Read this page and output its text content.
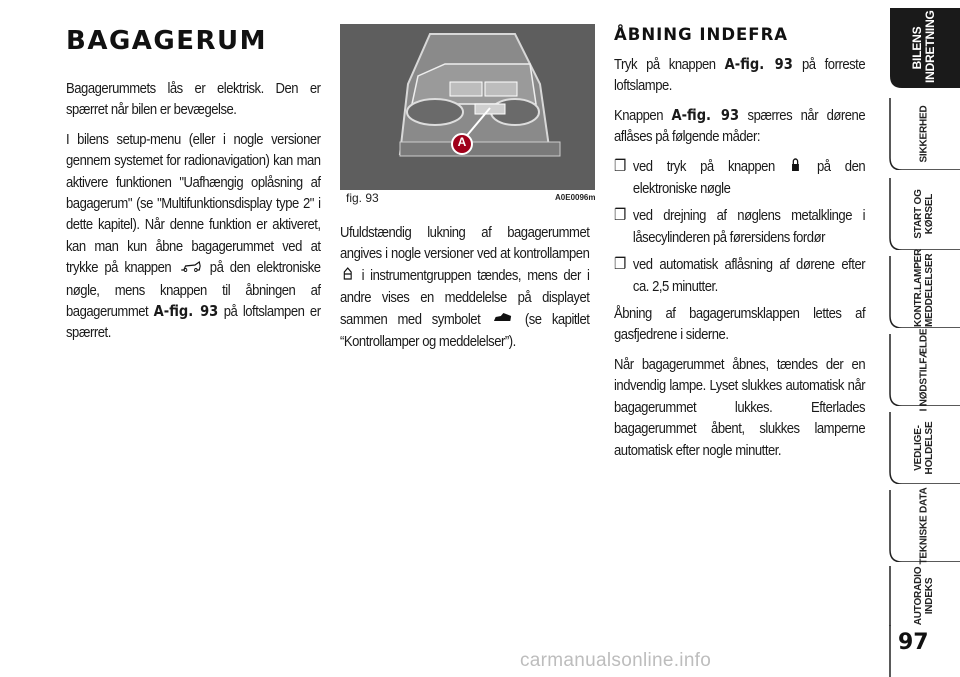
BAGAGERUM

Bagagerummets lås er elektrisk. Den er spærret når bilen er bevægelse.

I bilens setup-menu (eller i nogle versioner gennem systemet for radionavigation) kan man aktivere funktionen "Uafhængig oplåsning af bagagerum" (se "Multifunktionsdisplay type 2" i dette kapitel). Når denne funktion er aktiveret, kan man kun åbne bagagerummet ved at trykke på knappen	på den elektroniske nøgle, mens knappen til åbningen af bagagerummet A-fig. 93 på loftslampen er spærret.

A
fig. 93	A0E0096m

Ufuldstændig lukning af bagagerummet angives i nogle versioner ved at kontrollampen  i instrumentgruppen tændes, mens der i andre vises en meddelelse på displayet sammen med symbolet	(se kapitlet “Kontrollamper og meddelelser”).

ÅBNING INDEFRA

Tryk på knappen A-fig. 93 på forreste loftslampe.

Knappen A-fig. 93 spærres når dørene aflåses på følgende måder:

❐ ved tryk på knappen	på den elektroniske nøgle
❐ ved drejning af nøglens metalklinge i låsecylinderen på førersidens fordør
❐ ved automatisk aflåsning af dørene efter ca. 2,5 minutter.

Åbning af bagagerumsklappen lettes af gasfjedrene i siderne.

Når bagagerummet åbnes, tændes der en indvendig lampe. Lyset slukkes automatisk når bagagerummet lukkes. Efterlades bagagerummet åbent, slukkes lamperne automatisk efter nogle minutter.

BILENS INDRETNING
SIKKERHED
START OG KØRSEL
KONTR.LAMPER MEDDELELSER
I NØDSTILFÆLDE
VEDLIGE-HOLDELSE
TEKNISKE DATA
AUTORADIO INDEKS
97
carmanualsonline.info
